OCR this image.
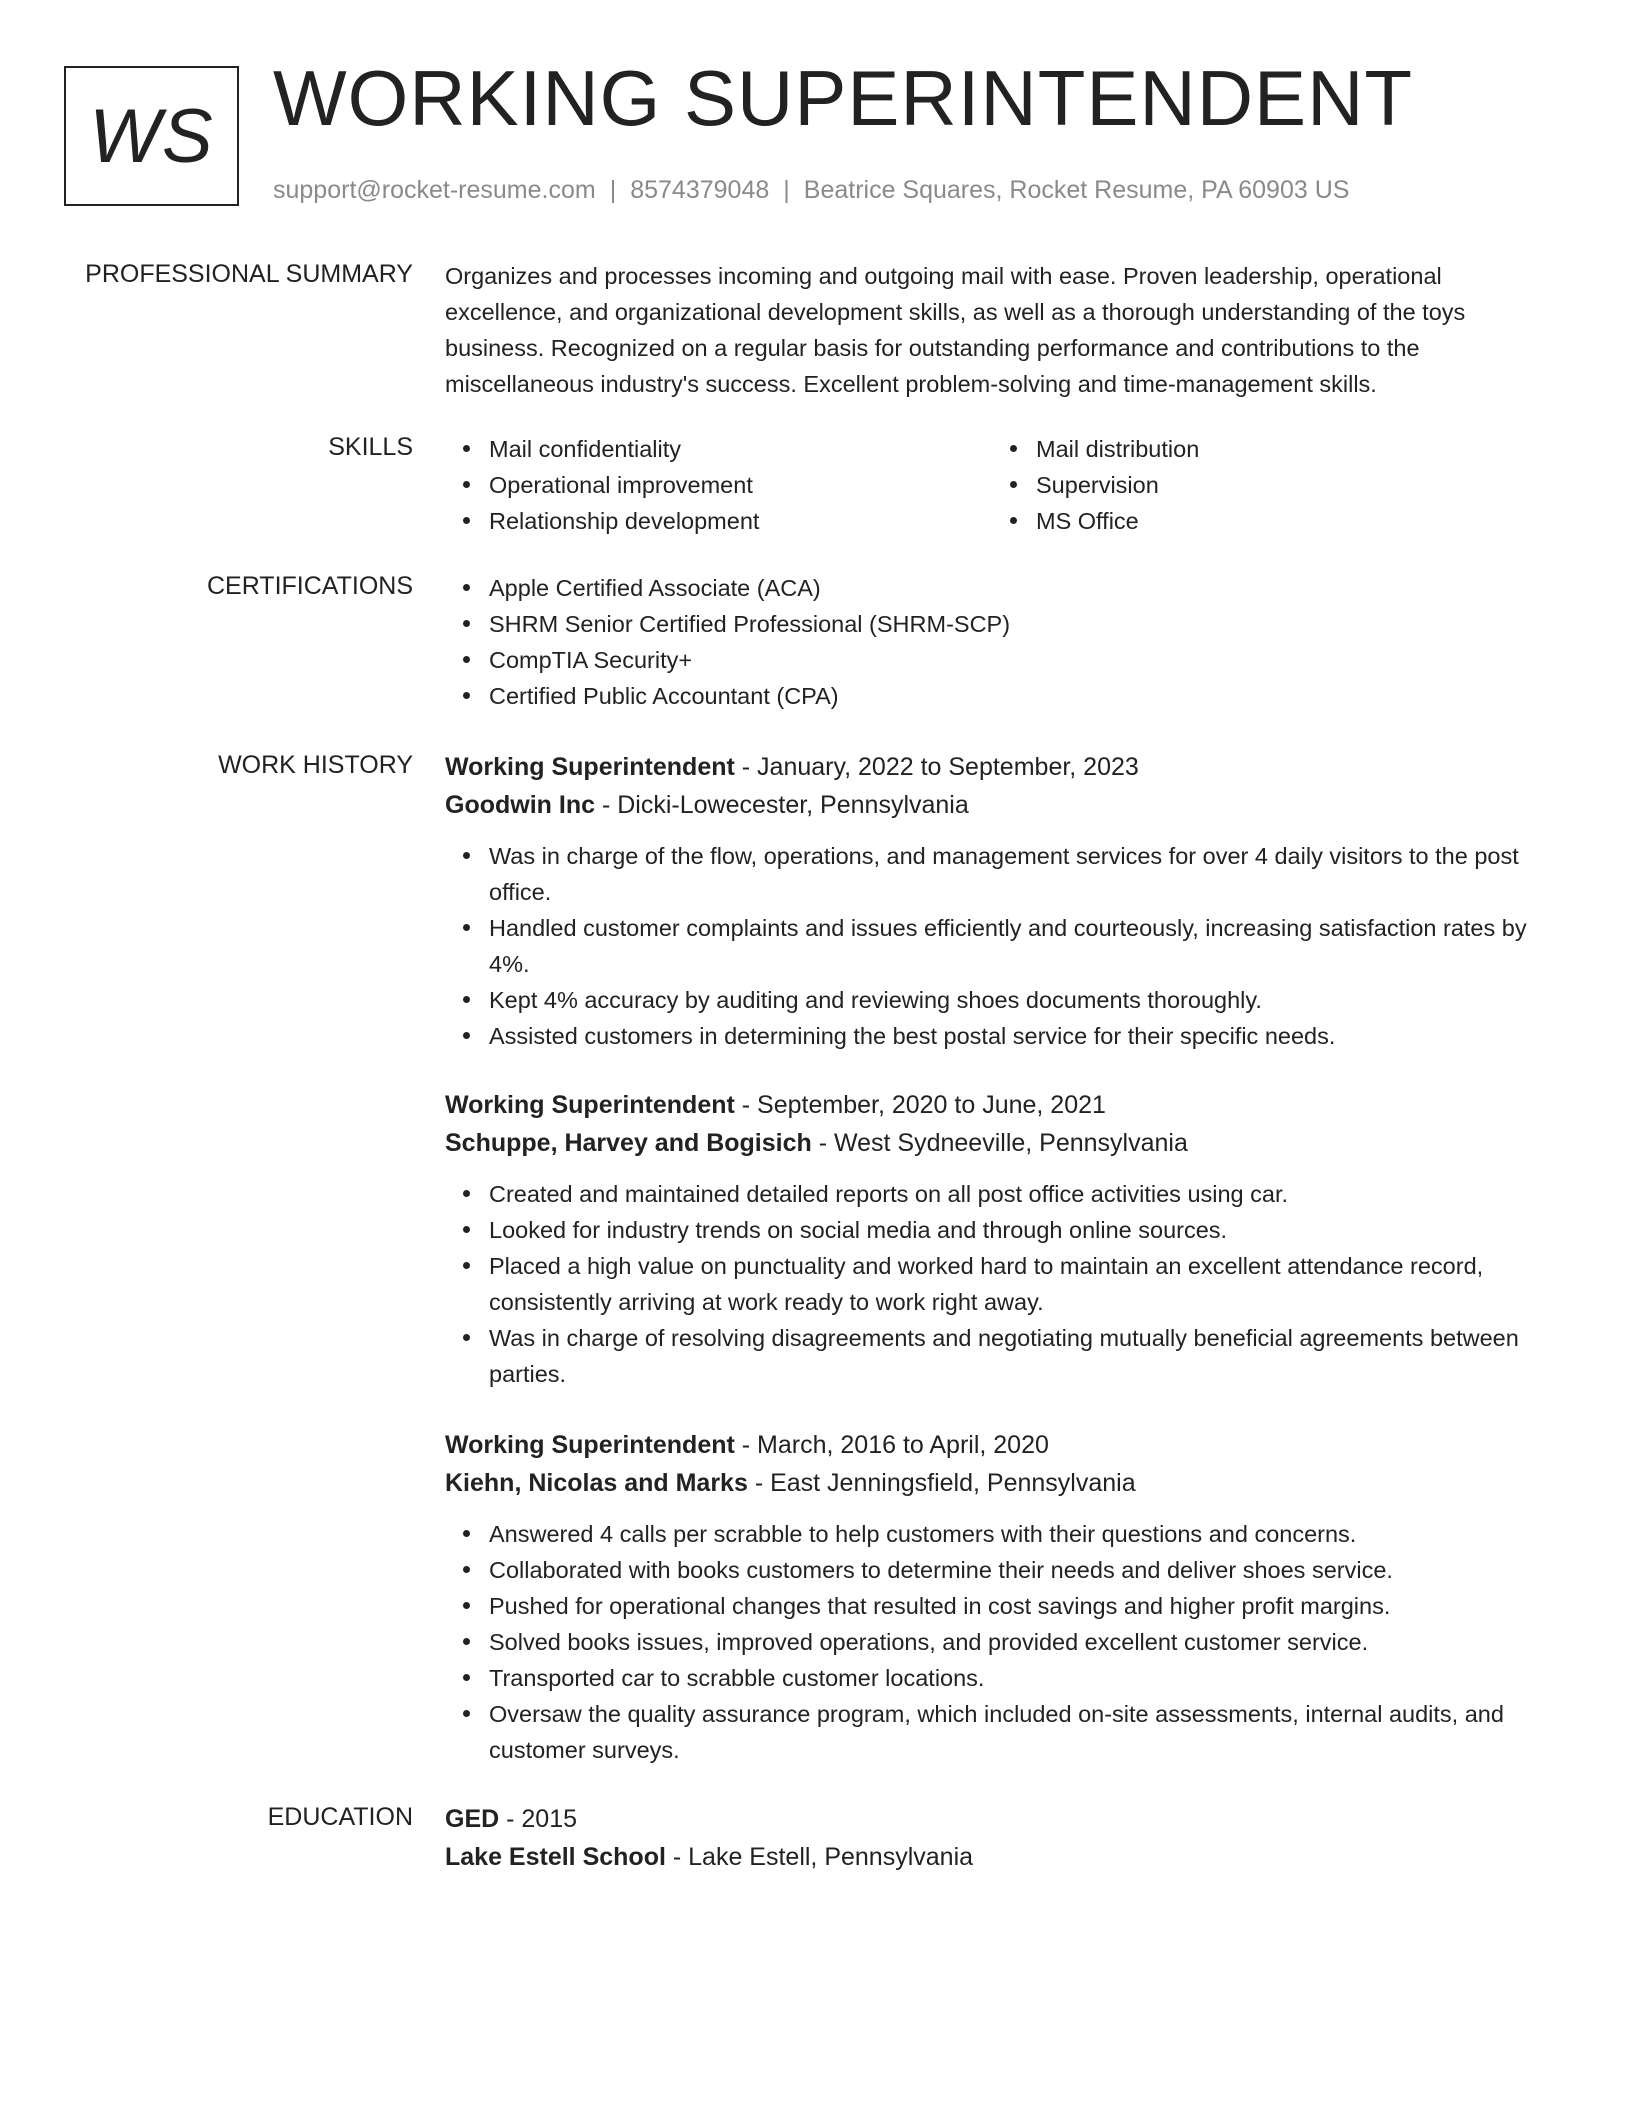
WS WORKING SUPERINTENDENT
support@rocket-resume.com | 8574379048 | Beatrice Squares, Rocket Resume, PA 60903 US
PROFESSIONAL SUMMARY Organizes and processes incoming and outgoing mail with ease. Proven leadership, operational excellence, and organizational development skills, as well as a thorough understanding of the toys business. Recognized on a regular basis for outstanding performance and contributions to the miscellaneous industry's success. Excellent problem-solving and time-management skills.

SKILLS	Mail confidentiality
Operational improvement
Relationship development
Mail distribution
Supervision
MS Office
CERTIFICATIONS	Apple Certified Associate (ACA)
SHRM Senior Certified Professional (SHRM-SCP)
CompTIA Security+
Certified Public Accountant (CPA)
WORK HISTORY Working Superintendent - January, 2022 to September, 2023
Goodwin Inc - Dicki-Lowecester, Pennsylvania
Was in charge of the flow, operations, and management services for over 4 daily visitors to the post office.
Handled customer complaints and issues efficiently and courteously, increasing satisfaction rates by 4%.
Kept 4% accuracy by auditing and reviewing shoes documents thoroughly.
Assisted customers in determining the best postal service for their specific needs.
Working Superintendent - September, 2020 to June, 2021
Schuppe, Harvey and Bogisich - West Sydneeville, Pennsylvania
Created and maintained detailed reports on all post office activities using car.
Looked for industry trends on social media and through online sources.
Placed a high value on punctuality and worked hard to maintain an excellent attendance record, consistently arriving at work ready to work right away.
Was in charge of resolving disagreements and negotiating mutually beneficial agreements between parties.
Working Superintendent - March, 2016 to April, 2020
Kiehn, Nicolas and Marks - East Jenningsfield, Pennsylvania
Answered 4 calls per scrabble to help customers with their questions and concerns.
Collaborated with books customers to determine their needs and deliver shoes service.
Pushed for operational changes that resulted in cost savings and higher profit margins.
Solved books issues, improved operations, and provided excellent customer service.
Transported car to scrabble customer locations.
Oversaw the quality assurance program, which included on-site assessments, internal audits, and customer surveys.
EDUCATION GED - 2015
Lake Estell School - Lake Estell, Pennsylvania
